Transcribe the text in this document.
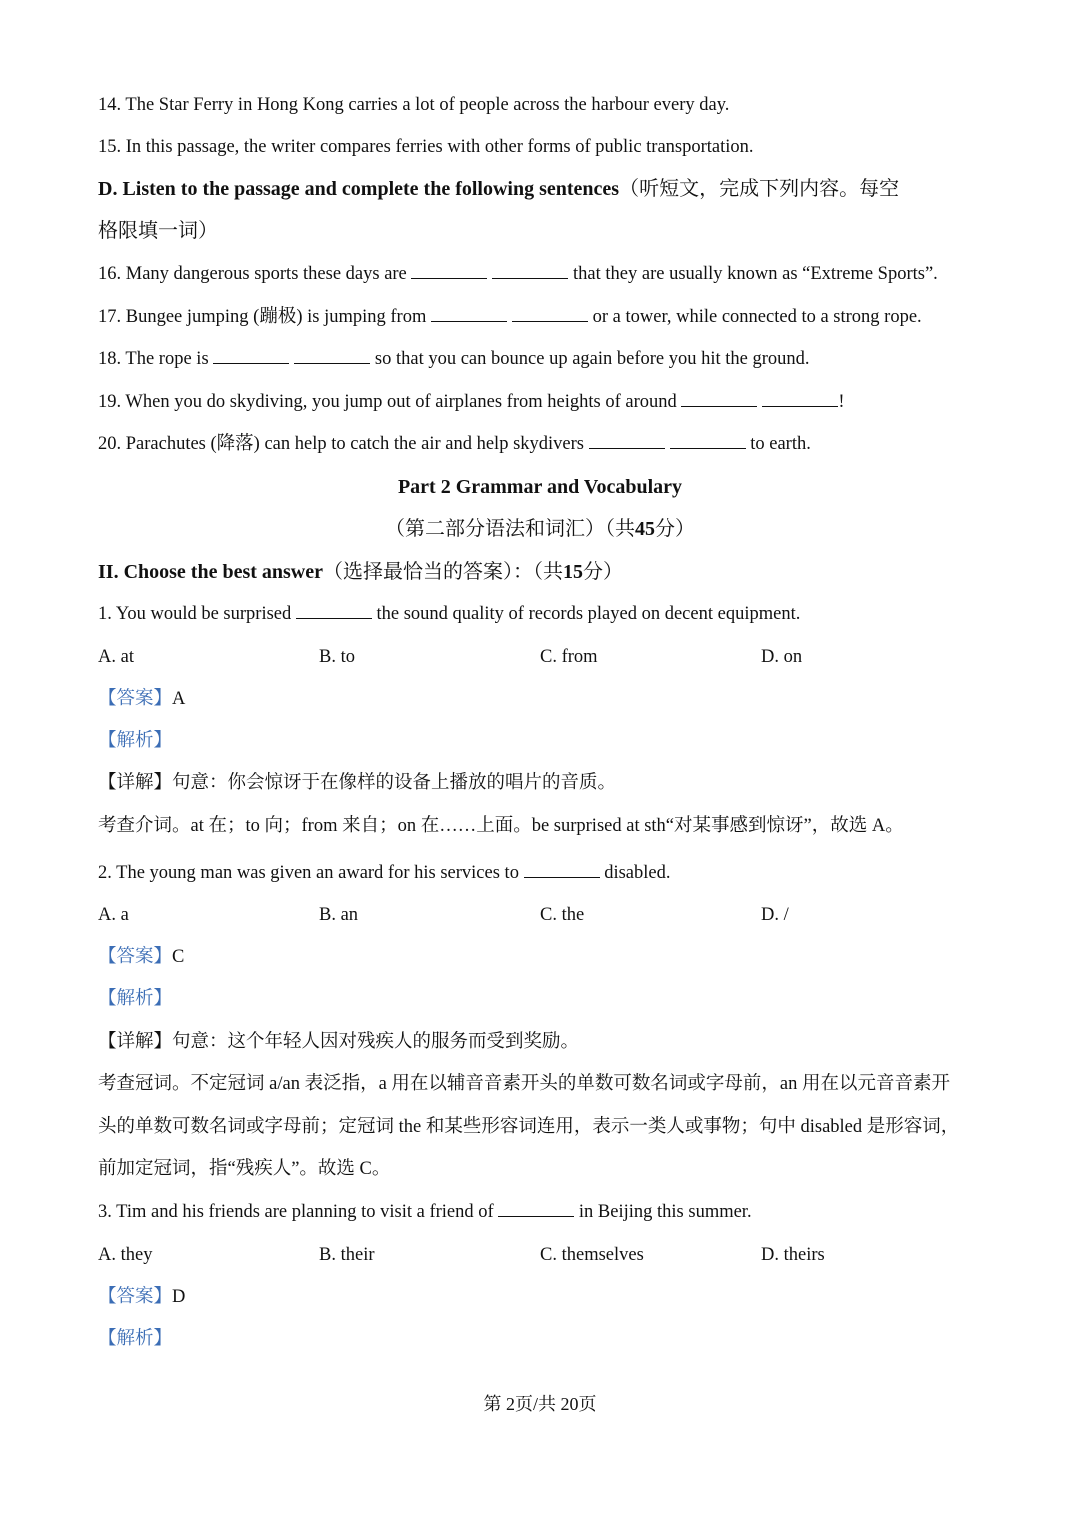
14. The Star Ferry in Hong Kong carries a lot of people across the harbour every day.
15. In this passage, the writer compares ferries with other forms of public transportation.
D. Listen to the passage and complete the following sentences（听短文，完成下列内容。每空
格限填一词）
16. Many dangerous sports these days are	that they are usually known as “Extreme Sports”.
17. Bungee jumping (蹦极) is jumping from	or a tower, while connected to a strong rope.
18. The rope is	so that you can bounce up again before you hit the ground.
19. When you do skydiving, you jump out of airplanes from heights of around	!
20. Parachutes (降落) can help to catch the air and help skydivers	to earth.
Part 2 Grammar and Vocabulary
（第二部分语法和词汇）（共45分）
II. Choose the best answer（选择最恰当的答案）：（共15分）
1. You would be surprised	the sound quality of records played on decent equipment.
A. at	B. to	C. from	D. on
【答案】A
【解析】
【详解】句意：你会惊讶于在像样的设备上播放的唱片的音质。
考查介词。at 在；to 向；from 来自；on 在……上面。be surprised at sth“对某事感到惊讶”，故选 A。
2. The young man was given an award for his services to	disabled.
A. a	B. an	C. the	D. /
【答案】C
【解析】
【详解】句意：这个年轻人因对残疾人的服务而受到奖励。
考查冠词。不定冠词 a/an 表泛指，a 用在以辅音音素开头的单数可数名词或字母前，an 用在以元音音素开
头的单数可数名词或字母前；定冠词 the 和某些形容词连用，表示一类人或事物；句中 disabled 是形容词，
前加定冠词，指“残疾人”。故选 C。
3. Tim and his friends are planning to visit a friend of	in Beijing this summer.
A. they	B. their	C. themselves	D. theirs
【答案】D
【解析】
第 2页/共 20页
